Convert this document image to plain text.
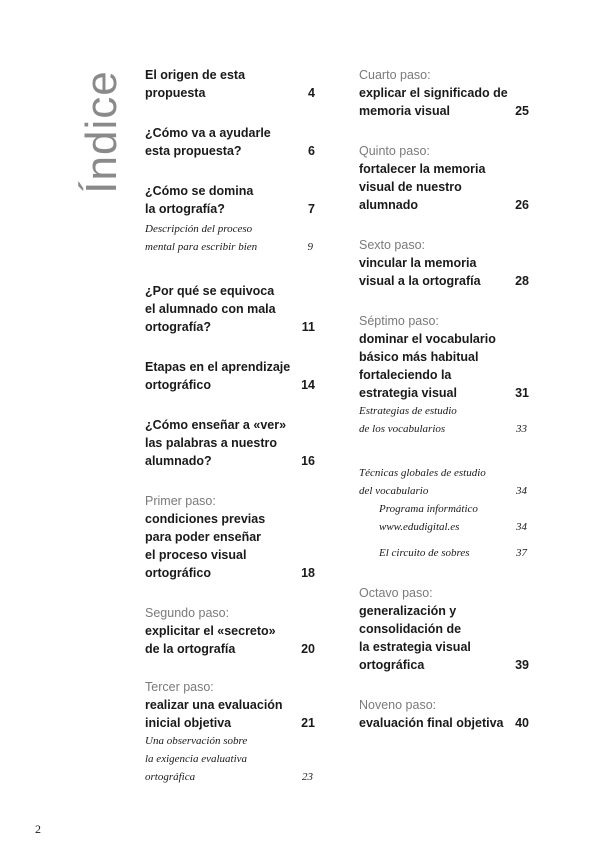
Índice El origen de esta
propuesta	4
¿Cómo va a ayudarle
esta propuesta?	6
¿Cómo se domina
la ortografía?	7
Descripción del proceso
mental para escribir bien	9
¿Por qué se equivoca
el alumnado con mala
ortografía?	11
Etapas en el aprendizaje
ortográfico	14
¿Cómo enseñar a «ver»
las palabras a nuestro
alumnado?	16
Primer paso:
condiciones previas
para poder enseñar
el proceso visual
ortográfico	18
Segundo paso:
explicitar el «secreto»
de la ortografía	20
Tercer paso:
realizar una evaluación
inicial objetiva	21
Una observación sobre
la exigencia evaluativa
ortográfica	23
Cuarto paso:
explicar el significado de
memoria visual	25
Quinto paso:
fortalecer la memoria
visual de nuestro
alumnado	26
Sexto paso:
vincular la memoria
visual a la ortografía	28
Séptimo paso:
dominar el vocabulario
básico más habitual
fortaleciendo la
estrategia visual	31
Estrategias de estudio
de los vocabularios	33
Técnicas globales de estudio
del vocabulario	34
Programa informático
www.edudigital.es	34
El circuito de sobres	37
Octavo paso:
generalización y
consolidación de
la estrategia visual
ortográfica	39
Noveno paso:
evaluación final objetiva 40
2
